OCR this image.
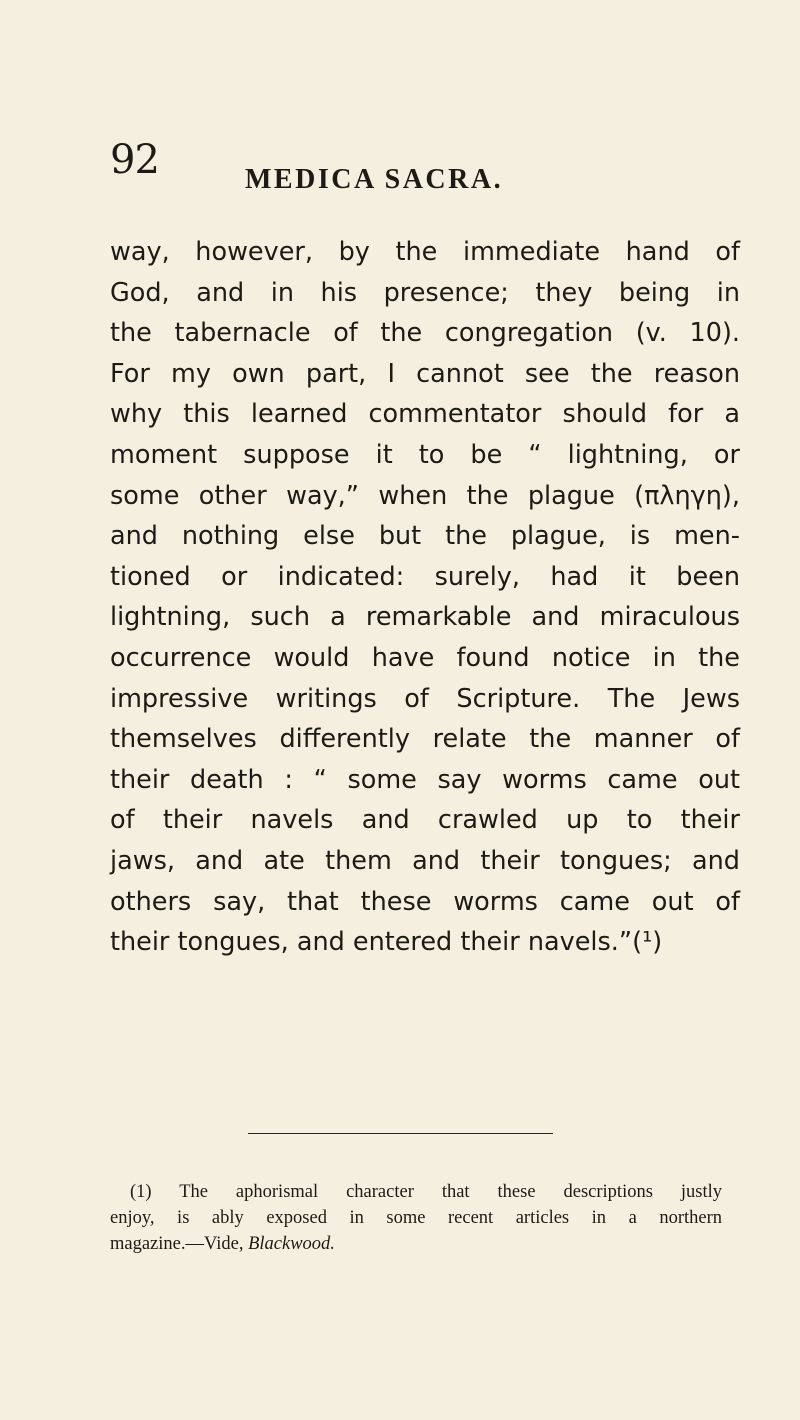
92	MEDICA SACRA.
way, however, by the immediate hand of
God, and in his presence; they being in
the tabernacle of the congregation (v. 10).
For my own part, I cannot see the reason
why this learned commentator should for a
moment suppose it to be “ lightning, or
some other way,” when the plague (πληγη),
and nothing else but the plague, is men-
tioned or indicated: surely, had it been
lightning, such a remarkable and miraculous
occurrence would have found notice in the
impressive writings of Scripture. The Jews
themselves differently relate the manner of
their death : “ some say worms came out
of their navels and crawled up to their
jaws, and ate them and their tongues; and
others say, that these worms came out of
their tongues, and entered their navels.”(¹)
(1) The aphorismal character that these descriptions justly
enjoy, is ably exposed in some recent articles in a northern
magazine.—Vide, Blackwood.
